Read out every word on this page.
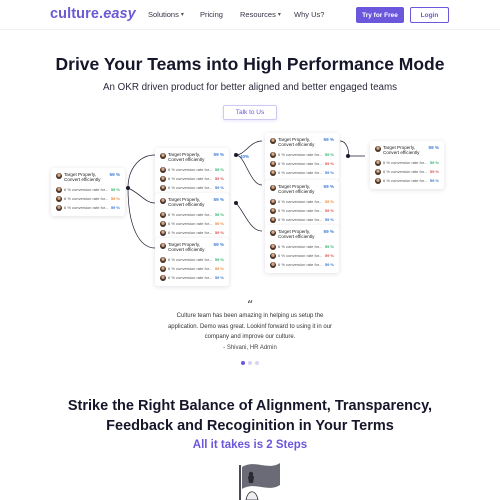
culture.easy Solutions ▾ Pricing Resources ▾ Why Us?	Try for Free	Login
Drive Your Teams into High Performance Mode
An OKR driven product for better aligned and better engaged teams
Talk to Us
40%
Target Properly, Convert efficiently
59 %
6 % conversion rate for... 59 %
6 % conversion rate for... 59 %
6 % conversion rate for... 59 %
Target Properly, Convert efficiently
59 %
6 % conversion rate for... 59 %
6 % conversion rate for... 59 %
6 % conversion rate for... 59 %
Target Properly, Convert efficiently
59 %
6 % conversion rate for... 59 %
6 % conversion rate for... 59 %
6 % conversion rate for... 59 %
Target Properly, Convert efficiently
59 %
6 % conversion rate for... 59 %
6 % conversion rate for... 59 %
6 % conversion rate for... 59 %
Target Properly, Convert efficiently
59 %
6 % conversion rate for... 59 %
6 % conversion rate for... 59 %
6 % conversion rate for... 59 %
Target Properly, Convert efficiently
59 %
6 % conversion rate for... 59 %
6 % conversion rate for... 59 %
6 % conversion rate for... 59 %
Target Properly, Convert efficiently
59 %
6 % conversion rate for... 59 %
6 % conversion rate for... 59 %
6 % conversion rate for... 59 %
Target Properly, Convert efficiently
59 %
6 % conversion rate for... 59 %
6 % conversion rate for... 59 %
6 % conversion rate for... 59 %
“
Culture team has been amazing in helping us setup the application. Demo was great. Lookinf forward to using it in our company and improve our culture.
- Shivani, HR Admin
Strike the Right Balance of Alignment, Transparency,
Feedback and Recoginition in Your Terms
All it takes is 2 Steps
